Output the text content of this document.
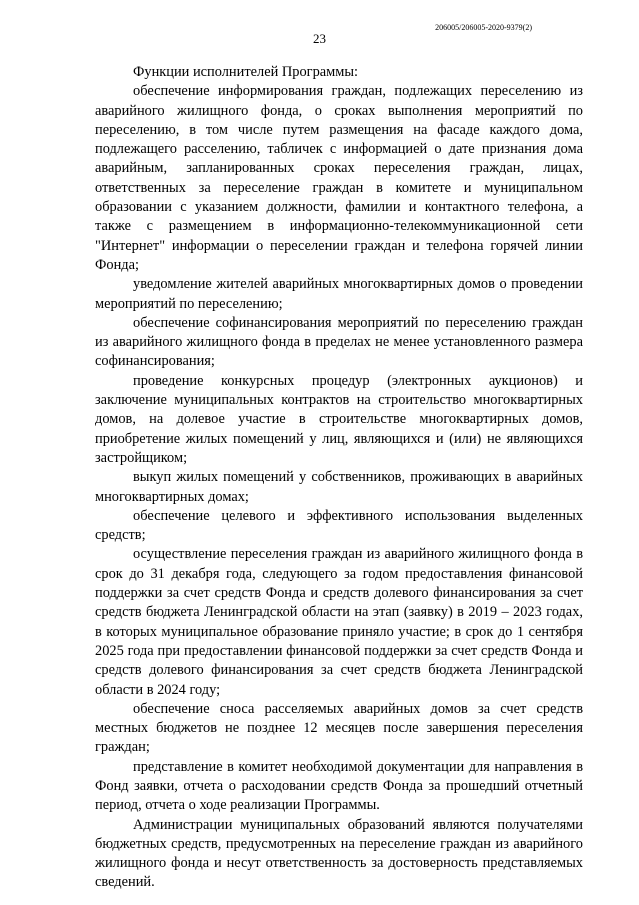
206005/206005-2020-9379(2)
23

Функции исполнителей Программы:

обеспечение информирования граждан, подлежащих переселению из аварийного жилищного фонда, о сроках выполнения мероприятий по переселению, в том числе путем размещения на фасаде каждого дома, подлежащего расселению, табличек с информацией о дате признания дома аварийным, запланированных сроках переселения граждан, лицах, ответственных за переселение граждан в комитете и муниципальном образовании с указанием должности, фамилии и контактного телефона, а также с размещением в информационно-телекоммуникационной сети "Интернет" информации о переселении граждан и телефона горячей линии Фонда;

уведомление жителей аварийных многоквартирных домов о проведении мероприятий по переселению;

обеспечение софинансирования мероприятий по переселению граждан из аварийного жилищного фонда в пределах не менее установленного размера софинансирования;

проведение конкурсных процедур (электронных аукционов) и заключение муниципальных контрактов на строительство многоквартирных домов, на долевое участие в строительстве многоквартирных домов, приобретение жилых помещений у лиц, являющихся и (или) не являющихся застройщиком;

выкуп жилых помещений у собственников, проживающих в аварийных многоквартирных домах;

обеспечение целевого и эффективного использования выделенных средств;

осуществление переселения граждан из аварийного жилищного фонда в срок до 31 декабря года, следующего за годом предоставления финансовой поддержки за счет средств Фонда и средств долевого финансирования за счет средств бюджета Ленинградской области на этап (заявку) в 2019 – 2023 годах, в которых муниципальное образование приняло участие; в срок до 1 сентября 2025 года при предоставлении финансовой поддержки за счет средств Фонда и средств долевого финансирования за счет средств бюджета Ленинградской области в 2024 году;

обеспечение сноса расселяемых аварийных домов за счет средств местных бюджетов не позднее 12 месяцев после завершения переселения граждан;

представление в комитет необходимой документации для направления в Фонд заявки, отчета о расходовании средств Фонда за прошедший отчетный период, отчета о ходе реализации Программы.

Администрации муниципальных образований являются получателями бюджетных средств, предусмотренных на переселение граждан из аварийного жилищного фонда и несут ответственность за достоверность представляемых сведений.
